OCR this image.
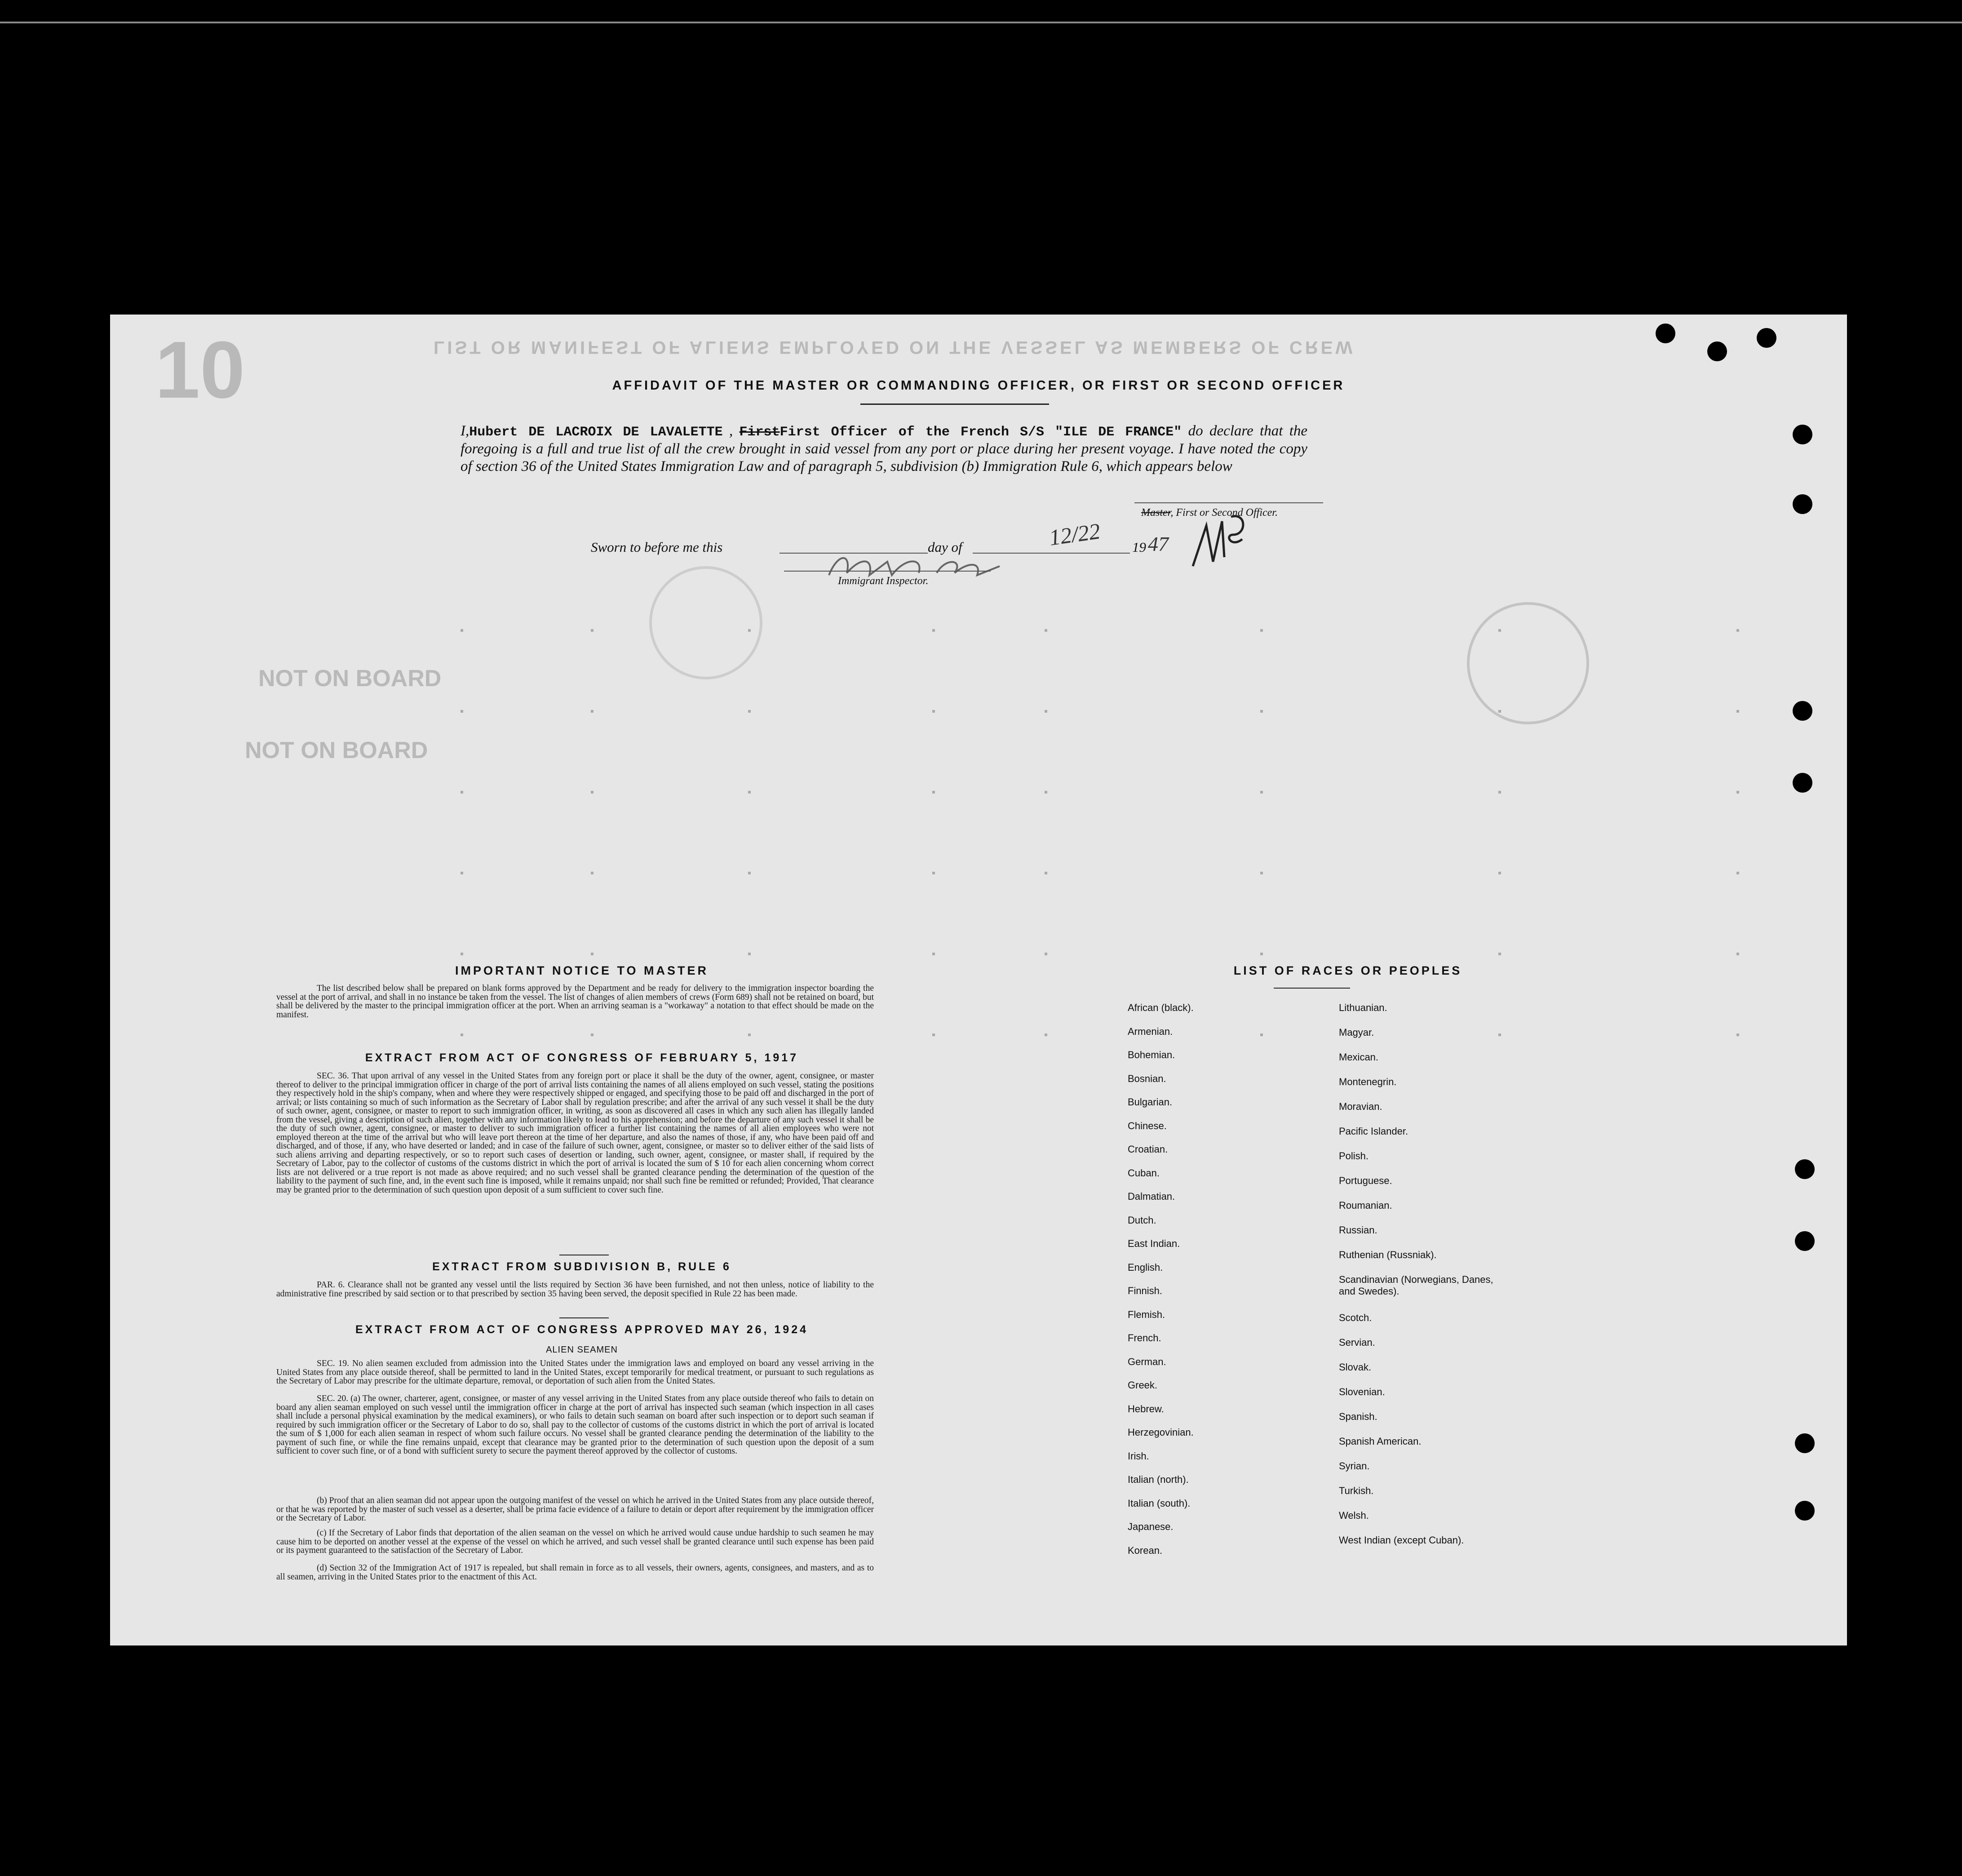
10
NOT ON BOARD
NOT ON BOARD
LIST OR MANIFEST OF ALIENS EMPLOYED ON THE VESSEL AS MEMBERS OF CREW
AFFIDAVIT OF THE MASTER OR COMMANDING OFFICER, OR FIRST OR SECOND OFFICER
I,Hubert DE LACROIX DE LAVALETTE , FirstFirst Officer of the French S/S "ILE DE FRANCE" do declare that the foregoing is a full and true list of all the crew brought in said vessel from any port or place during her present voyage. I have noted the copy of section 36 of the United States Immigration Law and of paragraph 5, subdivision (b) Immigration Rule 6, which appears below
Master, First or Second Officer.
Sworn to before me this	day of	12/22 19 47
Immigrant Inspector.
IMPORTANT NOTICE TO MASTER
The list described below shall be prepared on blank forms approved by the Department and be ready for delivery to the immigration inspector boarding the vessel at the port of arrival, and shall in no instance be taken from the vessel. The list of changes of alien members of crews (Form 689) shall not be retained on board, but shall be delivered by the master to the principal immigration officer at the port. When an arriving seaman is a "workaway" a notation to that effect should be made on the manifest.
EXTRACT FROM ACT OF CONGRESS OF FEBRUARY 5, 1917
SEC. 36. That upon arrival of any vessel in the United States from any foreign port or place it shall be the duty of the owner, agent, consignee, or master thereof to deliver to the principal immigration officer in charge of the port of arrival lists containing the names of all aliens employed on such vessel, stating the positions they respectively hold in the ship's company, when and where they were respectively shipped or engaged, and specifying those to be paid off and discharged in the port of arrival; or lists containing so much of such information as the Secretary of Labor shall by regulation prescribe; and after the arrival of any such vessel it shall be the duty of such owner, agent, consignee, or master to report to such immigration officer, in writing, as soon as discovered all cases in which any such alien has illegally landed from the vessel, giving a description of such alien, together with any information likely to lead to his apprehension; and before the departure of any such vessel it shall be the duty of such owner, agent, consignee, or master to deliver to such immigration officer a further list containing the names of all alien employees who were not employed thereon at the time of the arrival but who will leave port thereon at the time of her departure, and also the names of those, if any, who have been paid off and discharged, and of those, if any, who have deserted or landed; and in case of the failure of such owner, agent, consignee, or master so to deliver either of the said lists of such aliens arriving and departing respectively, or so to report such cases of desertion or landing, such owner, agent, consignee, or master shall, if required by the Secretary of Labor, pay to the collector of customs of the customs district in which the port of arrival is located the sum of $ 10 for each alien concerning whom correct lists are not delivered or a true report is not made as above required; and no such vessel shall be granted clearance pending the determination of the question of the liability to the payment of such fine, and, in the event such fine is imposed, while it remains unpaid; nor shall such fine be remitted or refunded; Provided, That clearance may be granted prior to the determination of such question upon deposit of a sum sufficient to cover such fine.
EXTRACT FROM SUBDIVISION B, RULE 6
PAR. 6. Clearance shall not be granted any vessel until the lists required by Section 36 have been furnished, and not then unless, notice of liability to the administrative fine prescribed by said section or to that prescribed by section 35 having been served, the deposit specified in Rule 22 has been made.
EXTRACT FROM ACT OF CONGRESS APPROVED MAY 26, 1924
ALIEN SEAMEN
SEC. 19. No alien seamen excluded from admission into the United States under the immigration laws and employed on board any vessel arriving in the United States from any place outside thereof, shall be permitted to land in the United States, except temporarily for medical treatment, or pursuant to such regulations as the Secretary of Labor may prescribe for the ultimate departure, removal, or deportation of such alien from the United States.
SEC. 20. (a) The owner, charterer, agent, consignee, or master of any vessel arriving in the United States from any place outside thereof who fails to detain on board any alien seaman employed on such vessel until the immigration officer in charge at the port of arrival has inspected such seaman (which inspection in all cases shall include a personal physical examination by the medical examiners), or who fails to detain such seaman on board after such inspection or to deport such seaman if required by such immigration officer or the Secretary of Labor to do so, shall pay to the collector of customs of the customs district in which the port of arrival is located the sum of $ 1,000 for each alien seaman in respect of whom such failure occurs. No vessel shall be granted clearance pending the determination of the liability to the payment of such fine, or while the fine remains unpaid, except that clearance may be granted prior to the determination of such question upon the deposit of a sum sufficient to cover such fine, or of a bond with sufficient surety to secure the payment thereof approved by the collector of customs.
(b) Proof that an alien seaman did not appear upon the outgoing manifest of the vessel on which he arrived in the United States from any place outside thereof, or that he was reported by the master of such vessel as a deserter, shall be prima facie evidence of a failure to detain or deport after requirement by the immigration officer or the Secretary of Labor.
(c) If the Secretary of Labor finds that deportation of the alien seaman on the vessel on which he arrived would cause undue hardship to such seamen he may cause him to be deported on another vessel at the expense of the vessel on which he arrived, and such vessel shall be granted clearance until such expense has been paid or its payment guaranteed to the satisfaction of the Secretary of Labor.
(d) Section 32 of the Immigration Act of 1917 is repealed, but shall remain in force as to all vessels, their owners, agents, consignees, and masters, and as to all seamen, arriving in the United States prior to the enactment of this Act.
LIST OF RACES OR PEOPLES
African (black).
Armenian.
Bohemian.
Bosnian.
Bulgarian.
Chinese.
Croatian.
Cuban.
Dalmatian.
Dutch.
East Indian.
English.
Finnish.
Flemish.
French.
German.
Greek.
Hebrew.
Herzegovinian.
Irish.
Italian (north).
Italian (south).
Japanese.
Korean.
Lithuanian.
Magyar.
Mexican.
Montenegrin.
Moravian.
Pacific Islander.
Polish.
Portuguese.
Roumanian.
Russian.
Ruthenian (Russniak).
Scandinavian (Norwegians, Danes, and Swedes).
Scotch.
Servian.
Slovak.
Slovenian.
Spanish.
Spanish American.
Syrian.
Turkish.
Welsh.
West Indian (except Cuban).
